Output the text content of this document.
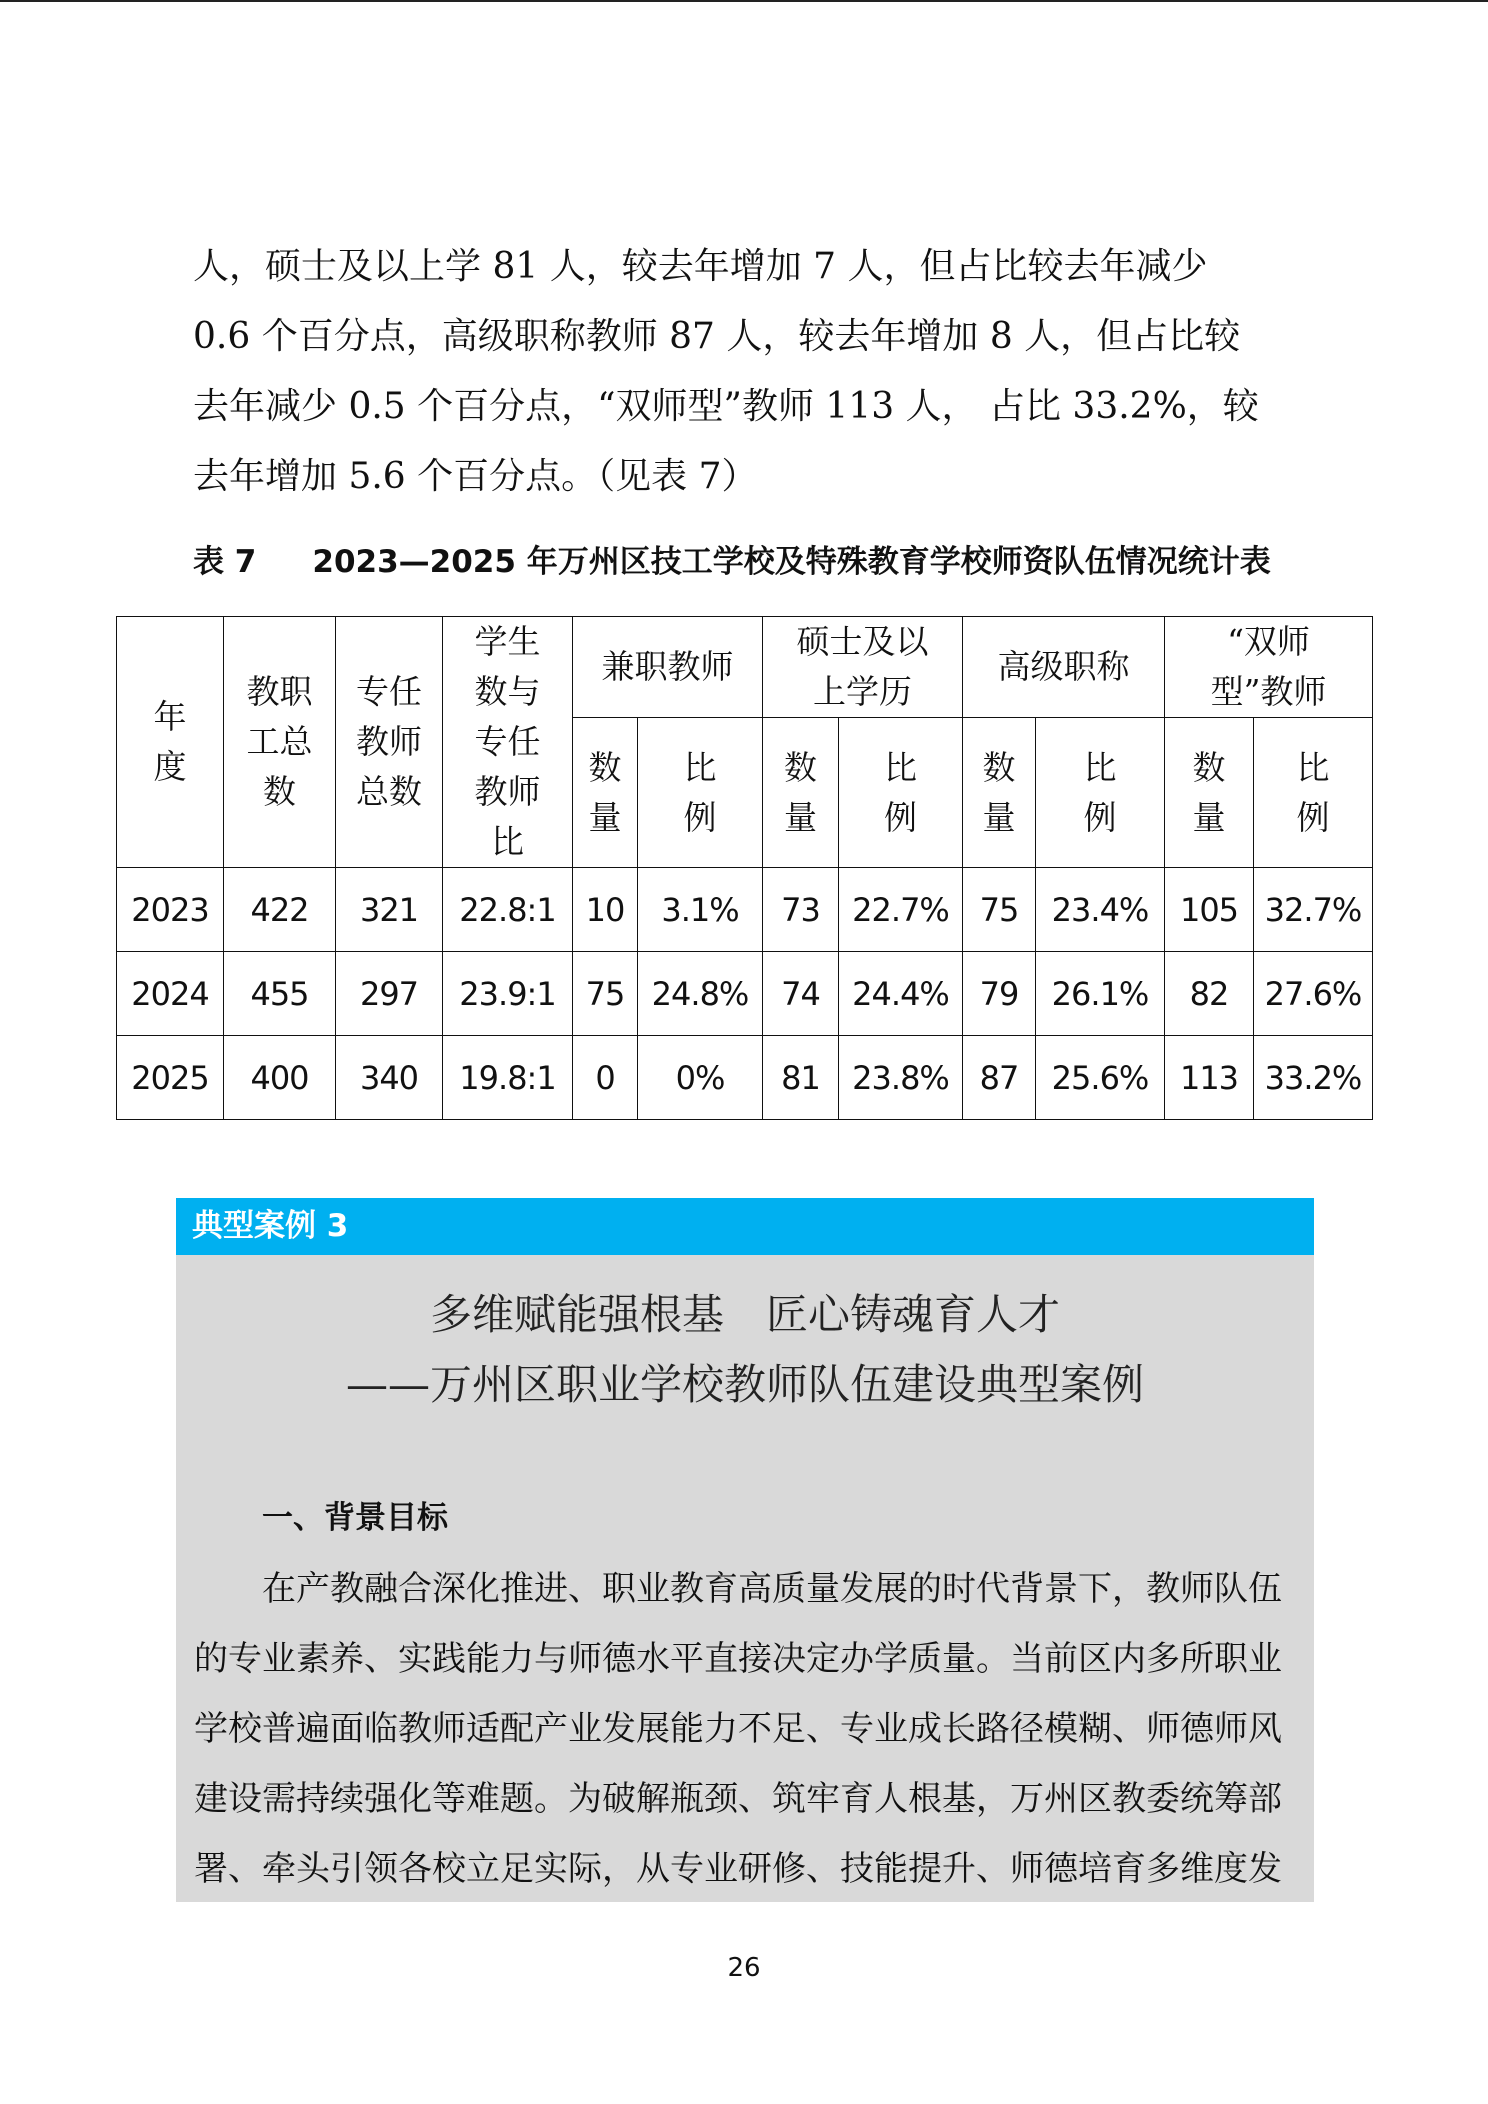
人，硕士及以上学 81 人，较去年增加 7 人，但占比较去年减少

0.6 个百分点，高级职称教师 87 人，较去年增加 8 人，但占比较

去年减少 0.5 个百分点，“双师型”教师 113 人， 占比 33.2%，较

去年增加 5.6 个百分点。（见表 7）

表 7 2023—2025 年万州区技工学校及特殊教育学校师资队伍情况统计表
年度	教职工总数	专任教师总数	学生数与专任教师比	兼职教师		硕士及以上学历		高级职称		“双师型”教师	

				数量	比例	数量	比例	数量	比例	数量	比例

2023	422	321	22.8:1	10	3.1%	73	22.7%	75	23.4%	105	32.7%
2024	455	297	23.9:1	75	24.8%	74	24.4%	79	26.1%	82	27.6%
2025	400	340	19.8:1	0	0%	81	23.8%	87	25.6%	113	33.2%
典型案例 3
多维赋能强根基　匠心铸魂育人才
——万州区职业学校教师队伍建设典型案例
一、背景目标
　　在产教融合深化推进、职业教育高质量发展的时代背景下，教师队伍
的专业素养、实践能力与师德水平直接决定办学质量。当前区内多所职业
学校普遍面临教师适配产业发展能力不足、专业成长路径模糊、师德师风
建设需持续强化等难题。为破解瓶颈、筑牢育人根基，万州区教委统筹部
署、牵头引领各校立足实际，从专业研修、技能提升、师德培育多维度发
26
